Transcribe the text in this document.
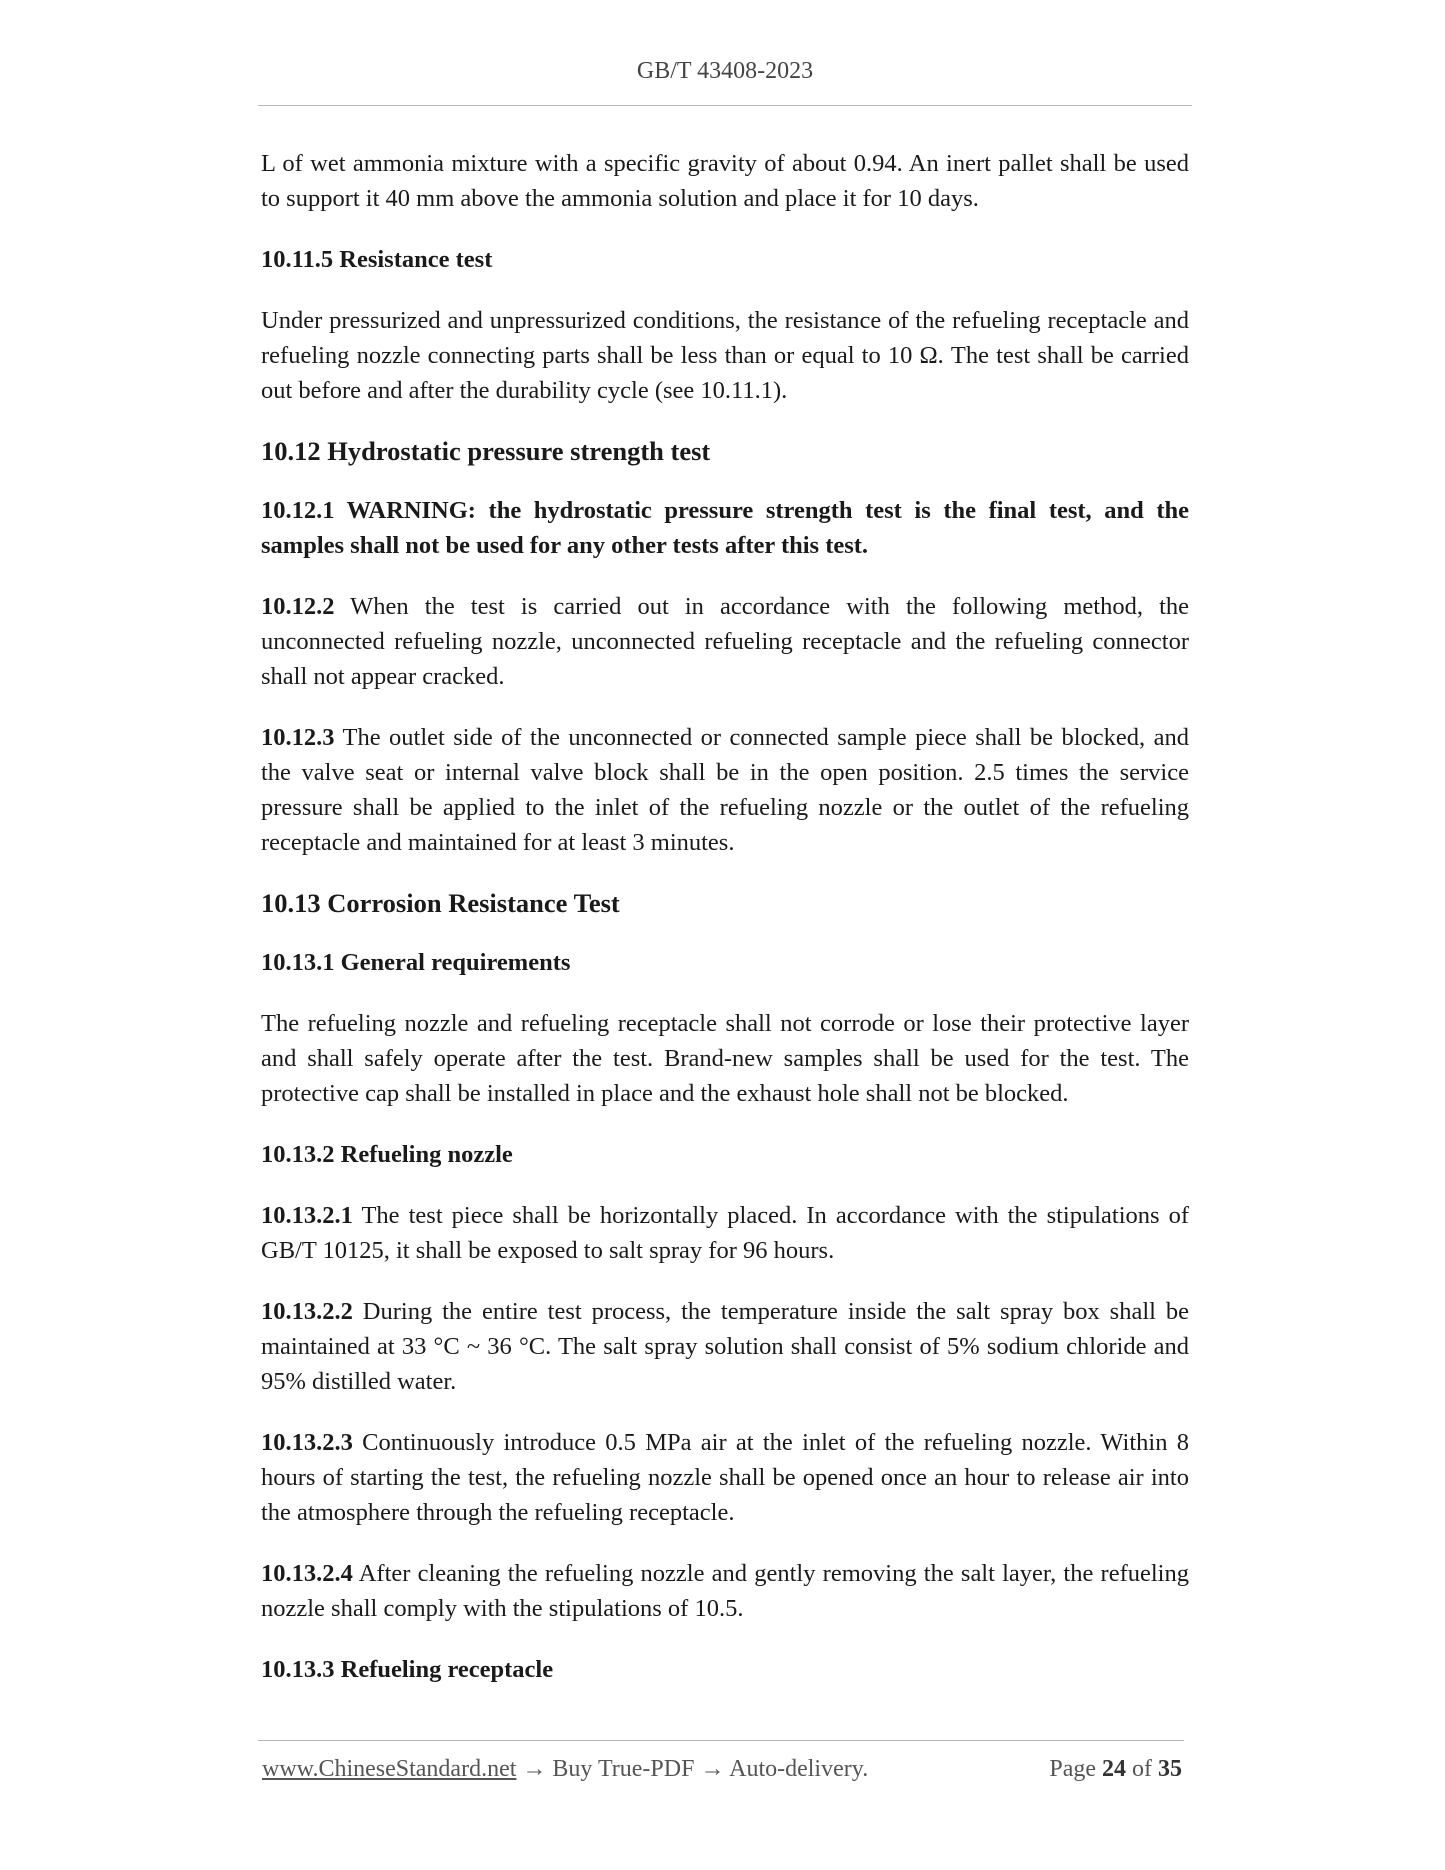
GB/T 43408-2023

L of wet ammonia mixture with a specific gravity of about 0.94. An inert pallet shall be used to support it 40 mm above the ammonia solution and place it for 10 days.

10.11.5 Resistance test

Under pressurized and unpressurized conditions, the resistance of the refueling receptacle and refueling nozzle connecting parts shall be less than or equal to 10 Ω. The test shall be carried out before and after the durability cycle (see 10.11.1).

10.12 Hydrostatic pressure strength test

10.12.1 WARNING: the hydrostatic pressure strength test is the final test, and the samples shall not be used for any other tests after this test.

10.12.2 When the test is carried out in accordance with the following method, the unconnected refueling nozzle, unconnected refueling receptacle and the refueling connector shall not appear cracked.

10.12.3 The outlet side of the unconnected or connected sample piece shall be blocked, and the valve seat or internal valve block shall be in the open position. 2.5 times the service pressure shall be applied to the inlet of the refueling nozzle or the outlet of the refueling receptacle and maintained for at least 3 minutes.

10.13 Corrosion Resistance Test
10.13.1 General requirements

The refueling nozzle and refueling receptacle shall not corrode or lose their protective layer and shall safely operate after the test. Brand-new samples shall be used for the test. The protective cap shall be installed in place and the exhaust hole shall not be blocked.

10.13.2 Refueling nozzle

10.13.2.1 The test piece shall be horizontally placed. In accordance with the stipulations of GB/T 10125, it shall be exposed to salt spray for 96 hours.

10.13.2.2 During the entire test process, the temperature inside the salt spray box shall be maintained at 33 °C ~ 36 °C. The salt spray solution shall consist of 5% sodium chloride and 95% distilled water.

10.13.2.3 Continuously introduce 0.5 MPa air at the inlet of the refueling nozzle. Within 8 hours of starting the test, the refueling nozzle shall be opened once an hour to release air into the atmosphere through the refueling receptacle.

10.13.2.4 After cleaning the refueling nozzle and gently removing the salt layer, the refueling nozzle shall comply with the stipulations of 10.5.

10.13.3 Refueling receptacle
www.ChineseStandard.net → Buy True-PDF → Auto-delivery.	Page 24 of 35
